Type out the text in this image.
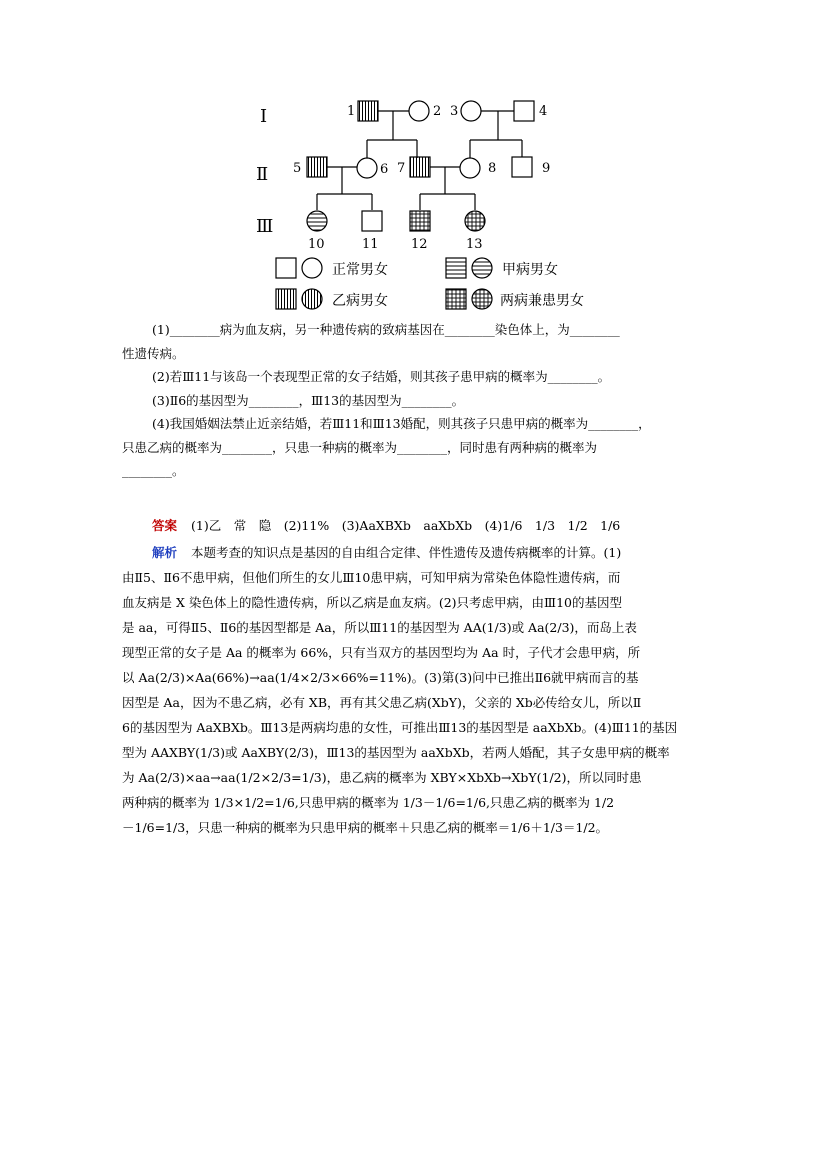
Ⅰ
Ⅱ
Ⅲ
1	2 3	4
5	6 7	8	9
10	11 12	13
正常男女	甲病男女
乙病男女	两病兼患男女
(1)________病为血友病，另一种遗传病的致病基因在________染色体上，为________
性遗传病。
(2)若Ⅲ11与该岛一个表现型正常的女子结婚，则其孩子患甲病的概率为________。
(3)Ⅱ6的基因型为________，Ⅲ13的基因型为________。
(4)我国婚姻法禁止近亲结婚，若Ⅲ11和Ⅲ13婚配，则其孩子只患甲病的概率为________，
只患乙病的概率为________，只患一种病的概率为________，同时患有两种病的概率为
________。
答案 (1)乙　常　隐　(2)11%　(3)AaXBXb　aaXbXb　(4)1/6　1/3　1/2　1/6
解析 本题考查的知识点是基因的自由组合定律、伴性遗传及遗传病概率的计算。(1)
由Ⅱ5、Ⅱ6不患甲病，但他们所生的女儿Ⅲ10患甲病，可知甲病为常染色体隐性遗传病，而
血友病是 X 染色体上的隐性遗传病，所以乙病是血友病。(2)只考虑甲病，由Ⅲ10的基因型
是 aa，可得Ⅱ5、Ⅱ6的基因型都是 Aa，所以Ⅲ11的基因型为 AA(1/3)或 Aa(2/3)，而岛上表
现型正常的女子是 Aa 的概率为 66%，只有当双方的基因型均为 Aa 时，子代才会患甲病，所
以 Aa(2/3)×Aa(66%)→aa(1/4×2/3×66%=11%)。(3)第(3)问中已推出Ⅱ6就甲病而言的基
因型是 Aa，因为不患乙病，必有 XB，再有其父患乙病(XbY)，父亲的 Xb必传给女儿，所以Ⅱ
6的基因型为 AaXBXb。Ⅲ13是两病均患的女性，可推出Ⅲ13的基因型是 aaXbXb。(4)Ⅲ11的基因
型为 AAXBY(1/3)或 AaXBY(2/3)，Ⅲ13的基因型为 aaXbXb，若两人婚配，其子女患甲病的概率
为 Aa(2/3)×aa→aa(1/2×2/3=1/3)，患乙病的概率为 XBY×XbXb→XbY(1/2)，所以同时患
两种病的概率为 1/3×1/2=1/6,只患甲病的概率为 1/3－1/6=1/6,只患乙病的概率为 1/2
－1/6=1/3，只患一种病的概率为只患甲病的概率＋只患乙病的概率＝1/6＋1/3＝1/2。
